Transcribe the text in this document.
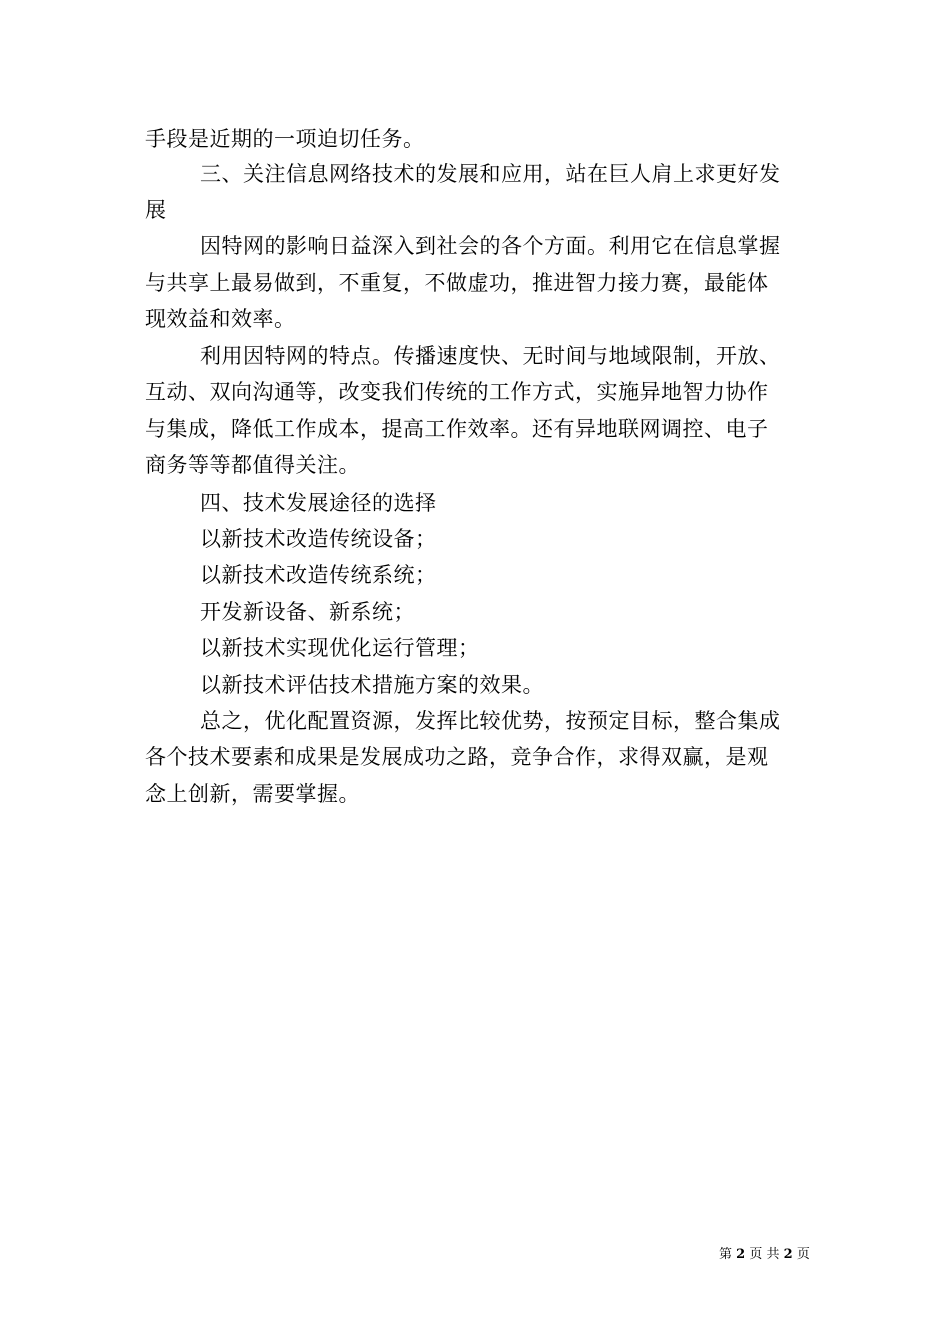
手段是近期的一项迫切任务。
三、关注信息网络技术的发展和应用，站在巨人肩上求更好发
展
因特网的影响日益深入到社会的各个方面。利用它在信息掌握
与共享上最易做到，不重复，不做虚功，推进智力接力赛，最能体
现效益和效率。
利用因特网的特点。传播速度快、无时间与地域限制，开放、
互动、双向沟通等，改变我们传统的工作方式，实施异地智力协作
与集成，降低工作成本，提高工作效率。还有异地联网调控、电子
商务等等都值得关注。
四、技术发展途径的选择
以新技术改造传统设备；
以新技术改造传统系统；
开发新设备、新系统；
以新技术实现优化运行管理；
以新技术评估技术措施方案的效果。
总之，优化配置资源，发挥比较优势，按预定目标，整合集成
各个技术要素和成果是发展成功之路，竞争合作，求得双赢，是观
念上创新，需要掌握。
第 2 页 共 2 页
